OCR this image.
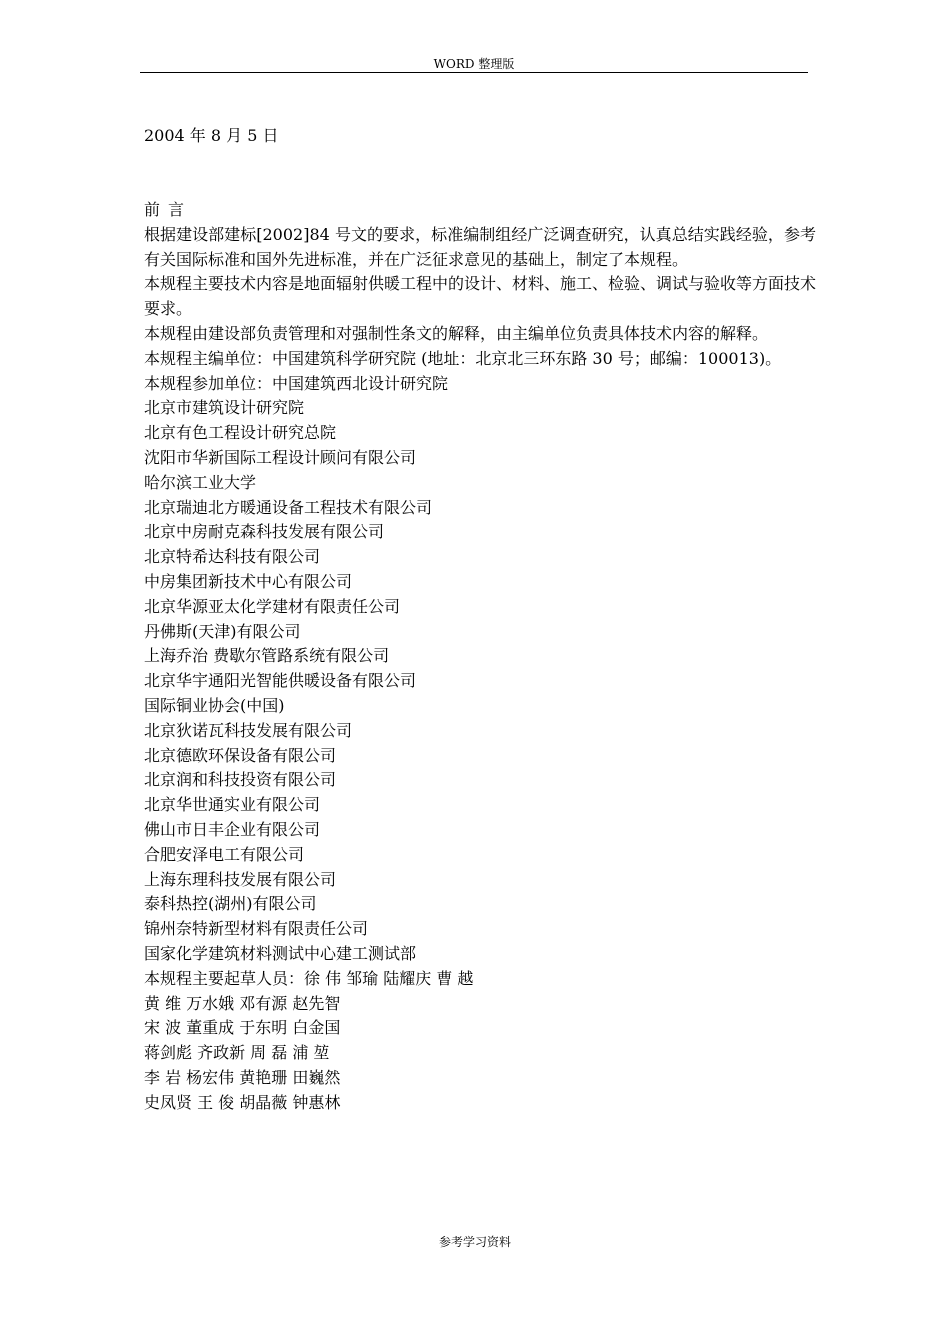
WORD 整理版
2004 年 8 月 5 日

前言

根据建设部建标[2002]84 号文的要求，标准编制组经广泛调查研究，认真总结实践经验，参考有关国际标准和国外先进标准，并在广泛征求意见的基础上，制定了本规程。

本规程主要技术内容是地面辐射供暖工程中的设计、材料、施工、检验、调试与验收等方面技术要求。

本规程由建设部负责管理和对强制性条文的解释，由主编单位负责具体技术内容的解释。

本规程主编单位：中国建筑科学研究院 (地址：北京北三环东路 30 号；邮编：100013)。

本规程参加单位：中国建筑西北设计研究院

北京市建筑设计研究院

北京有色工程设计研究总院

沈阳市华新国际工程设计顾问有限公司

哈尔滨工业大学

北京瑞迪北方暖通设备工程技术有限公司

北京中房耐克森科技发展有限公司

北京特希达科技有限公司

中房集团新技术中心有限公司

北京华源亚太化学建材有限责任公司

丹佛斯(天津)有限公司

上海乔治 费歇尔管路系统有限公司

北京华宇通阳光智能供暖设备有限公司

国际铜业协会(中国)

北京狄诺瓦科技发展有限公司

北京德欧环保设备有限公司

北京润和科技投资有限公司

北京华世通实业有限公司

佛山市日丰企业有限公司

合肥安泽电工有限公司

上海东理科技发展有限公司

泰科热控(湖州)有限公司

锦州奈特新型材料有限责任公司

国家化学建筑材料测试中心建工测试部

本规程主要起草人员：徐 伟 邹瑜 陆耀庆 曹 越

黄 维 万水娥 邓有源 赵先智

宋 波 董重成 于东明 白金国

蒋剑彪 齐政新 周 磊 浦 堃

李 岩 杨宏伟 黄艳珊 田巍然

史凤贤 王 俊 胡晶薇 钟惠林

参考学习资料
